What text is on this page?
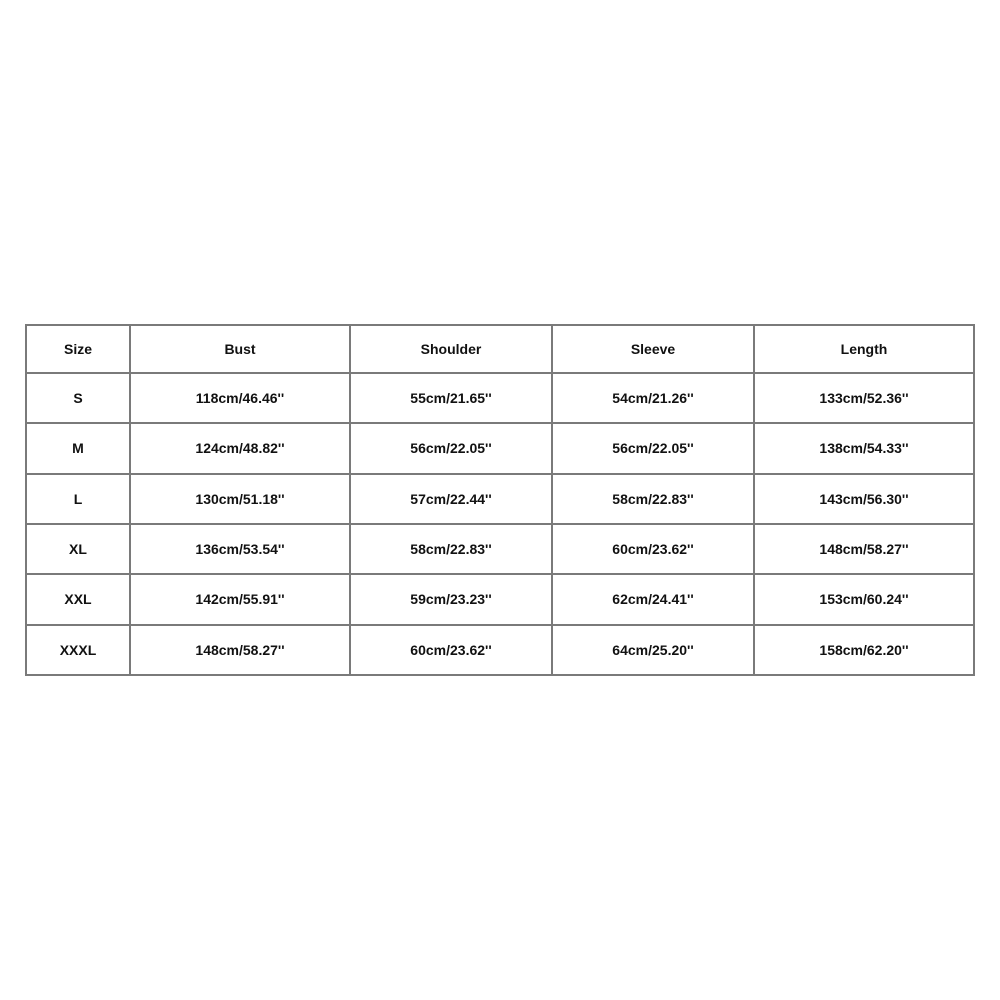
Size	Bust	Shoulder	Sleeve	Length
S	118cm/46.46''	55cm/21.65''	54cm/21.26''	133cm/52.36''
M	124cm/48.82''	56cm/22.05''	56cm/22.05''	138cm/54.33''
L	130cm/51.18''	57cm/22.44''	58cm/22.83''	143cm/56.30''
XL	136cm/53.54''	58cm/22.83''	60cm/23.62''	148cm/58.27''
XXL	142cm/55.91''	59cm/23.23''	62cm/24.41''	153cm/60.24''
XXXL	148cm/58.27''	60cm/23.62''	64cm/25.20''	158cm/62.20''
